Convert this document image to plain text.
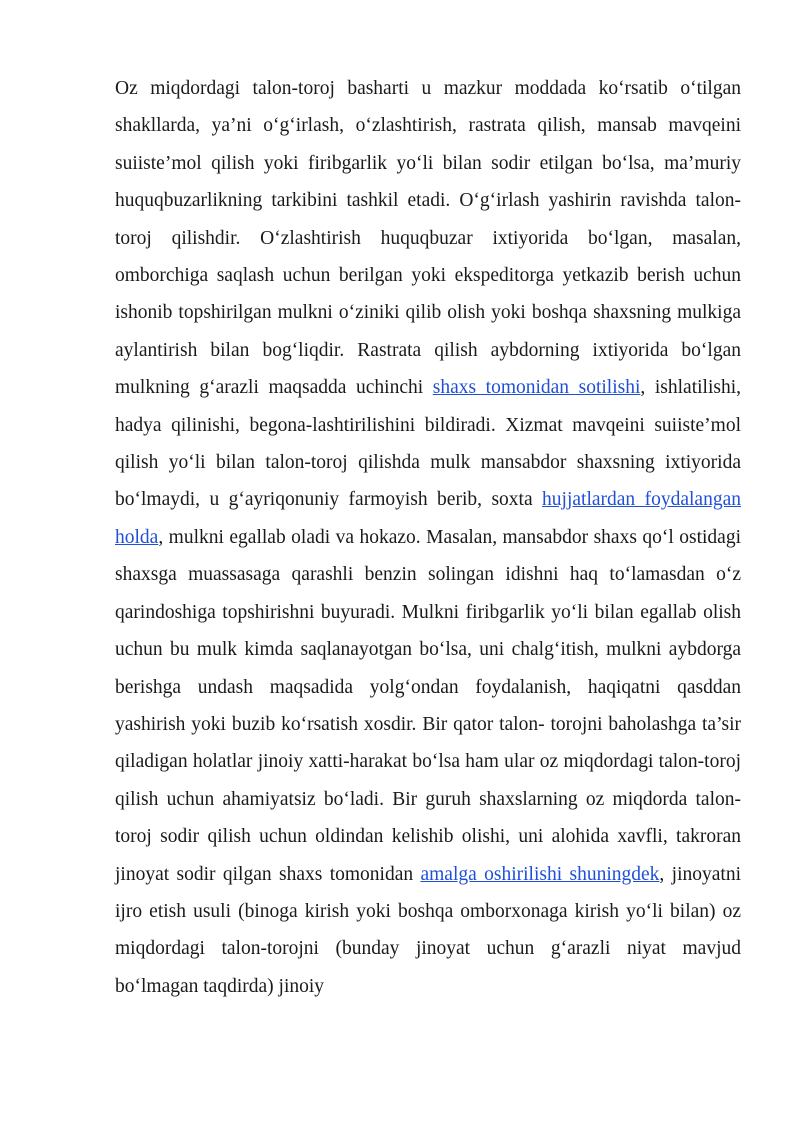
Oz miqdordagi talon-toroj basharti u mazkur moddada ko‘rsatib o‘tilgan shakllarda, ya’ni o‘g‘irlash, o‘zlashtirish, rastrata qilish, mansab mavqeini suiiste’mol qilish yoki firibgarlik yo‘li bilan sodir etilgan bo‘lsa, ma’muriy huquqbuzarlikning tarkibini tashkil etadi. O‘g‘irlash yashirin ravishda talon-toroj qilishdir. O‘zlashtirish huquqbuzar ixtiyorida bo‘lgan, masalan, omborchiga saqlash uchun berilgan yoki ekspeditorga yetkazib berish uchun ishonib topshirilgan mulkni o‘ziniki qilib olish yoki boshqa shaxsning mulkiga aylantirish bilan bog‘liqdir. Rastrata qilish aybdorning ixtiyorida bo‘lgan mulkning g‘arazli maqsadda uchinchi shaxs tomonidan sotilishi, ishlatilishi, hadya qilinishi, begona-lashtirilishini bildiradi. Xizmat mavqeini suiiste’mol qilish yo‘li bilan talon-toroj qilishda mulk mansabdor shaxsning ixtiyorida bo‘lmaydi, u g‘ayriqonuniy farmoyish berib, soxta hujjatlardan foydalangan holda, mulkni egallab oladi va hokazo. Masalan, mansabdor shaxs qo‘l ostidagi shaxsga muassasaga qarashli benzin solingan idishni haq to‘lamasdan o‘z qarindoshiga topshirishni buyuradi. Mulkni firibgarlik yo‘li bilan egallab olish uchun bu mulk kimda saqlanayotgan bo‘lsa, uni chalg‘itish, mulkni aybdorga berishga undash maqsadida yolg‘ondan foydalanish, haqiqatni qasddan yashirish yoki buzib ko‘rsatish xosdir. Bir qator talon- torojni baholashga ta’sir qiladigan holatlar jinoiy xatti-harakat bo‘lsa ham ular oz miqdordagi talon-toroj qilish uchun ahamiyatsiz bo‘ladi. Bir guruh shaxslarning oz miqdorda talon-toroj sodir qilish uchun oldindan kelishib olishi, uni alohida xavfli, takroran jinoyat sodir qilgan shaxs tomonidan amalga oshirilishi shuningdek, jinoyatni ijro etish usuli (binoga kirish yoki boshqa omborxonaga kirish yo‘li bilan) oz miqdordagi talon-torojni (bunday jinoyat uchun g‘arazli niyat mavjud bo‘lmagan taqdirda) jinoiy
